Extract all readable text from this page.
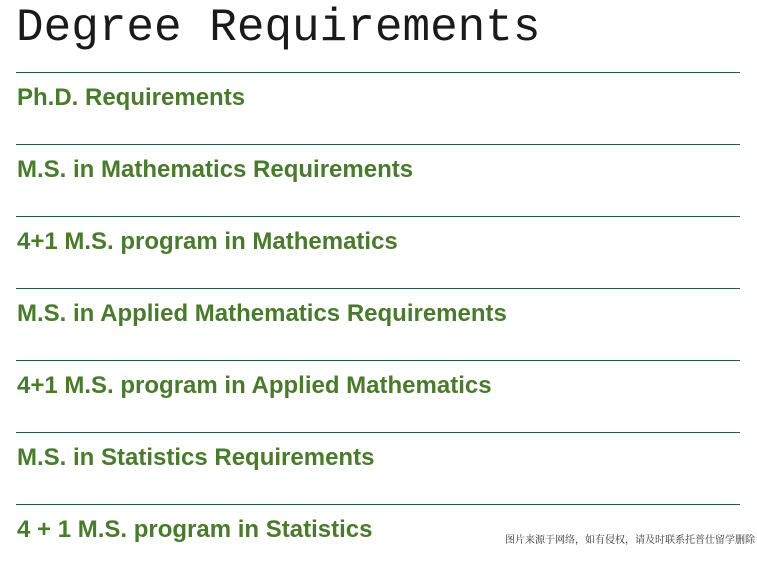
Degree Requirements
Ph.D. Requirements
M.S. in Mathematics Requirements
4+1 M.S. program in Mathematics
M.S. in Applied Mathematics Requirements
4+1 M.S. program in Applied Mathematics
M.S. in Statistics Requirements
4 + 1 M.S. program in Statistics	图片来源于网络，如有侵权，请及时联系托普仕留学删除
